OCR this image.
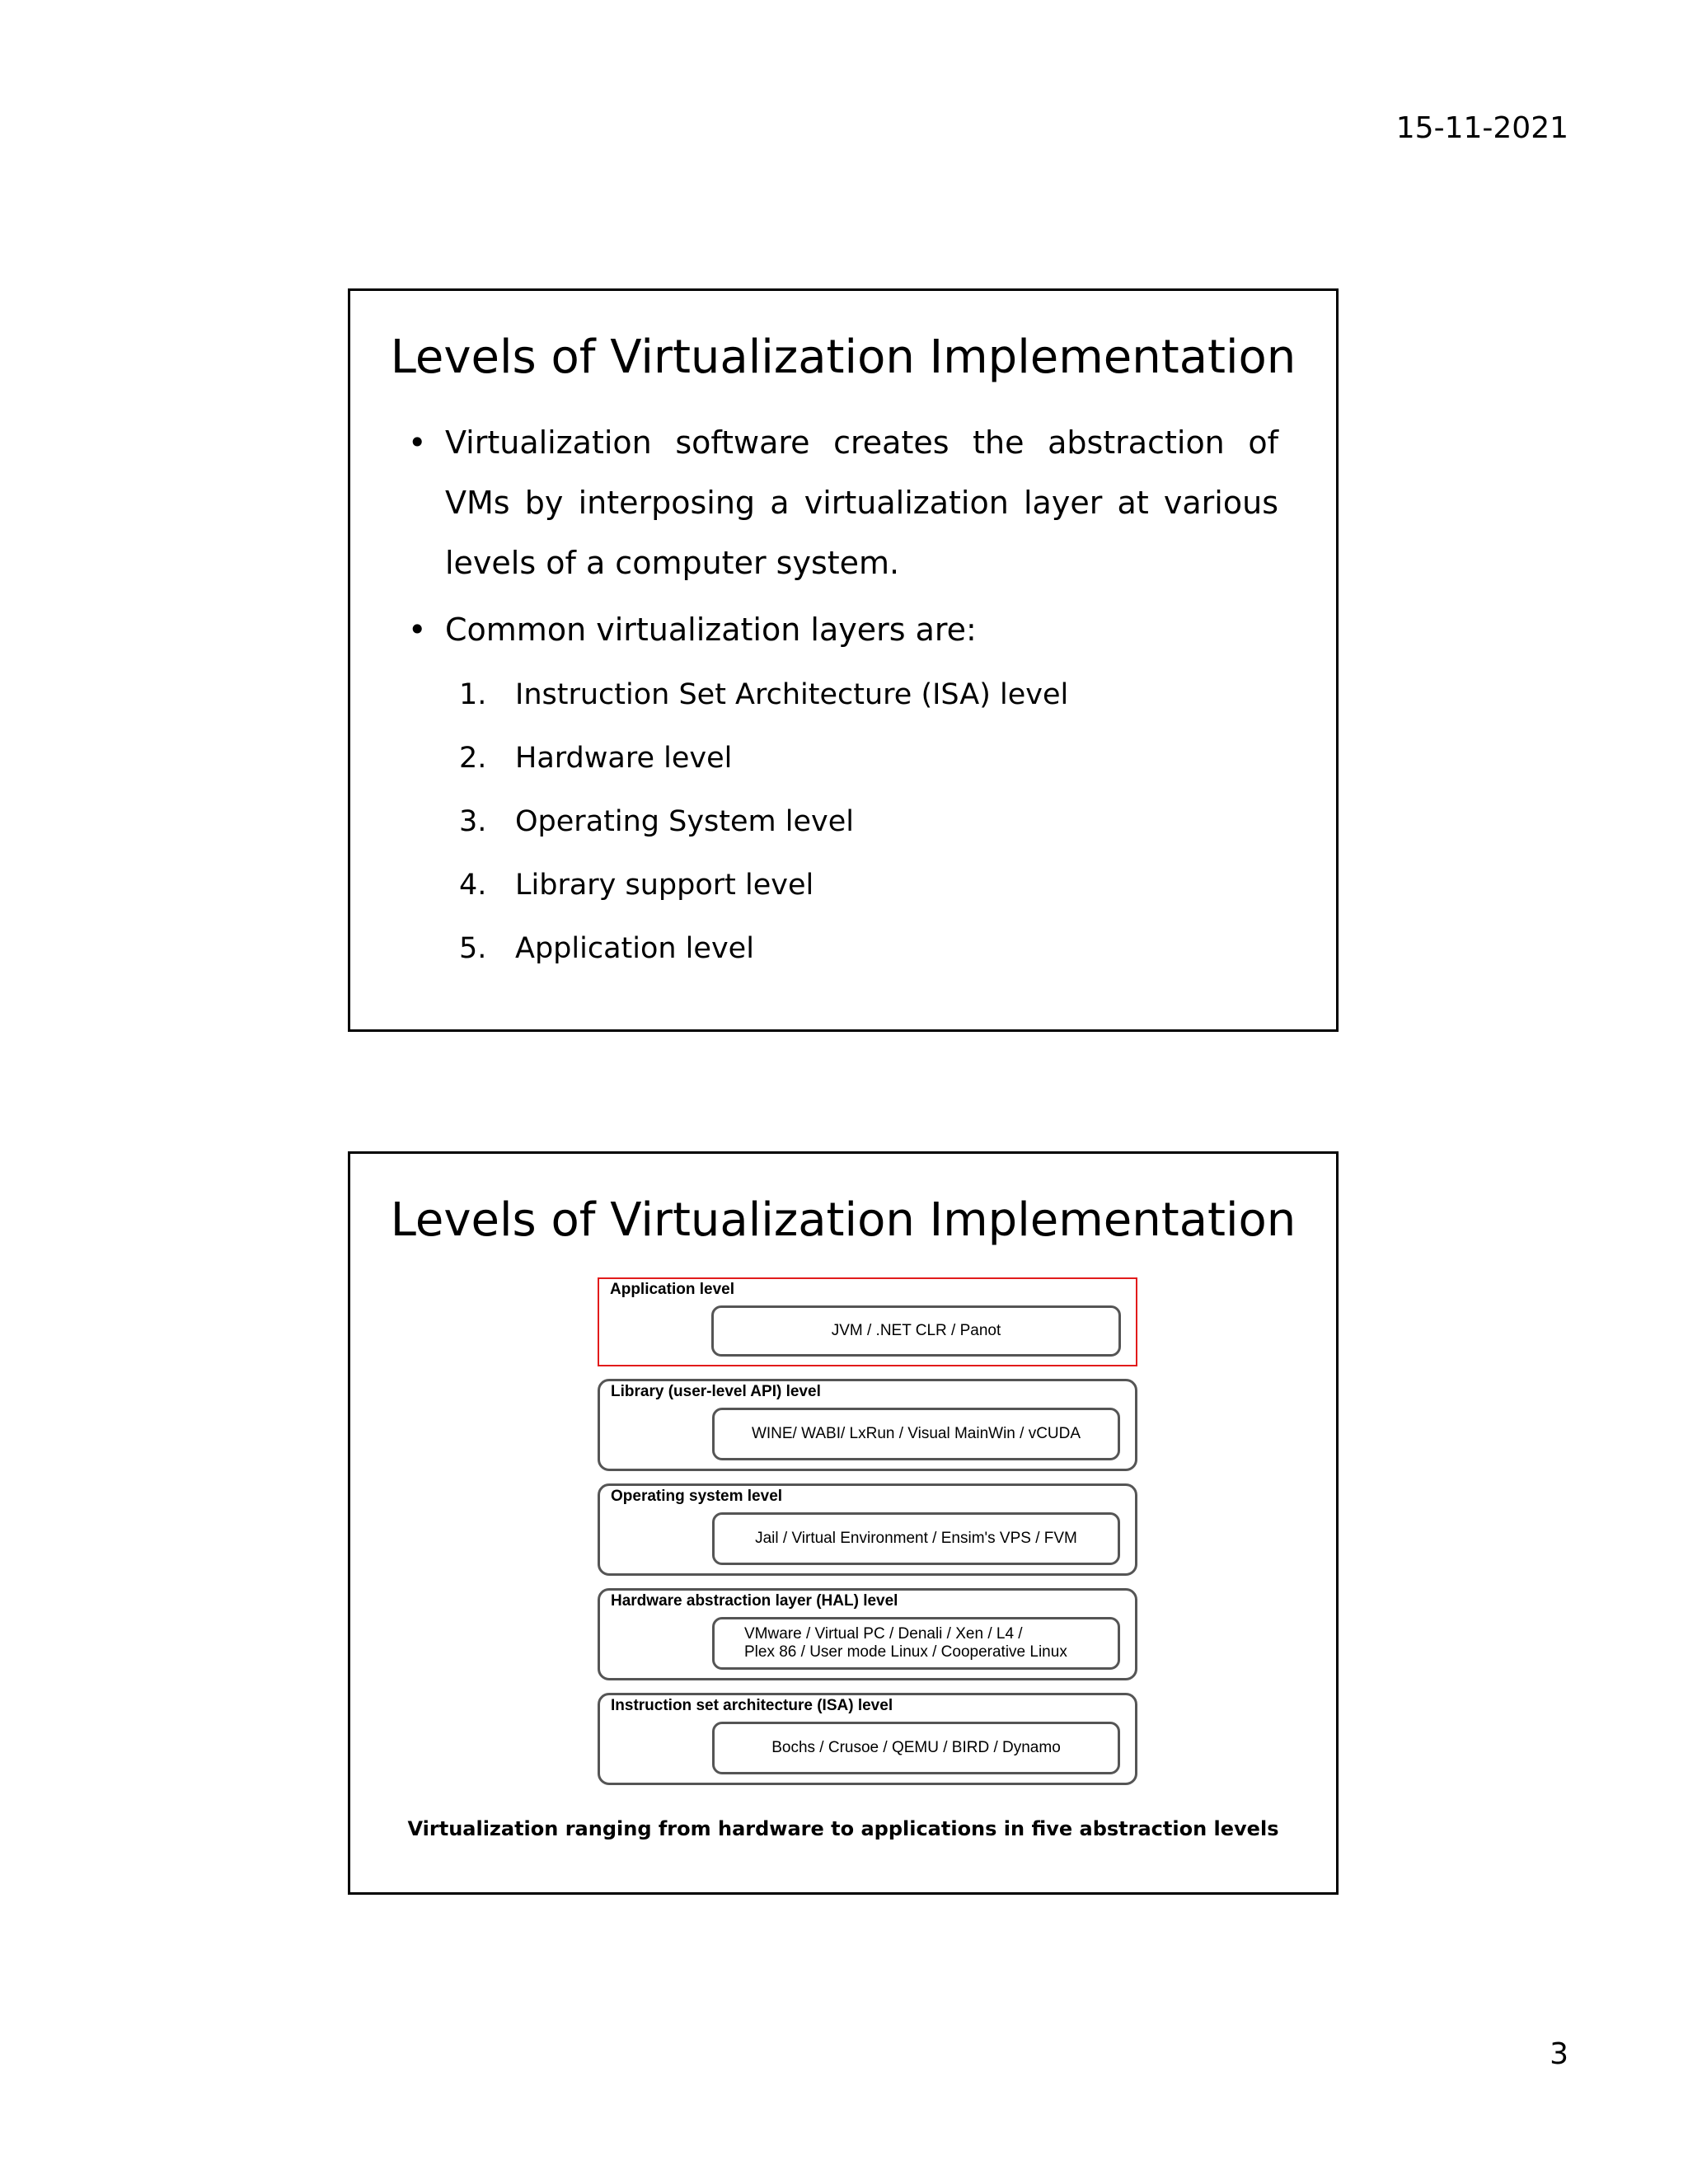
15-11-2021
Levels of Virtualization Implementation
• Virtualization software creates the abstraction of VMs by interposing a virtualization layer at various levels of a computer system.
• Common virtualization layers are:
1. Instruction Set Architecture (ISA) level
2. Hardware level
3. Operating System level
4. Library support level
5. Application level
Levels of Virtualization Implementation
Application level
JVM / .NET CLR / Panot
Library (user-level API) level
WINE/ WABI/ LxRun / Visual MainWin / vCUDA
Operating system level
Jail / Virtual Environment / Ensim's VPS / FVM
Hardware abstraction layer (HAL) level
VMware / Virtual PC / Denali / Xen / L4 /
Plex 86 / User mode Linux / Cooperative Linux
Instruction set architecture (ISA) level
Bochs / Crusoe / QEMU / BIRD / Dynamo
Virtualization ranging from hardware to applications in five abstraction levels
3
